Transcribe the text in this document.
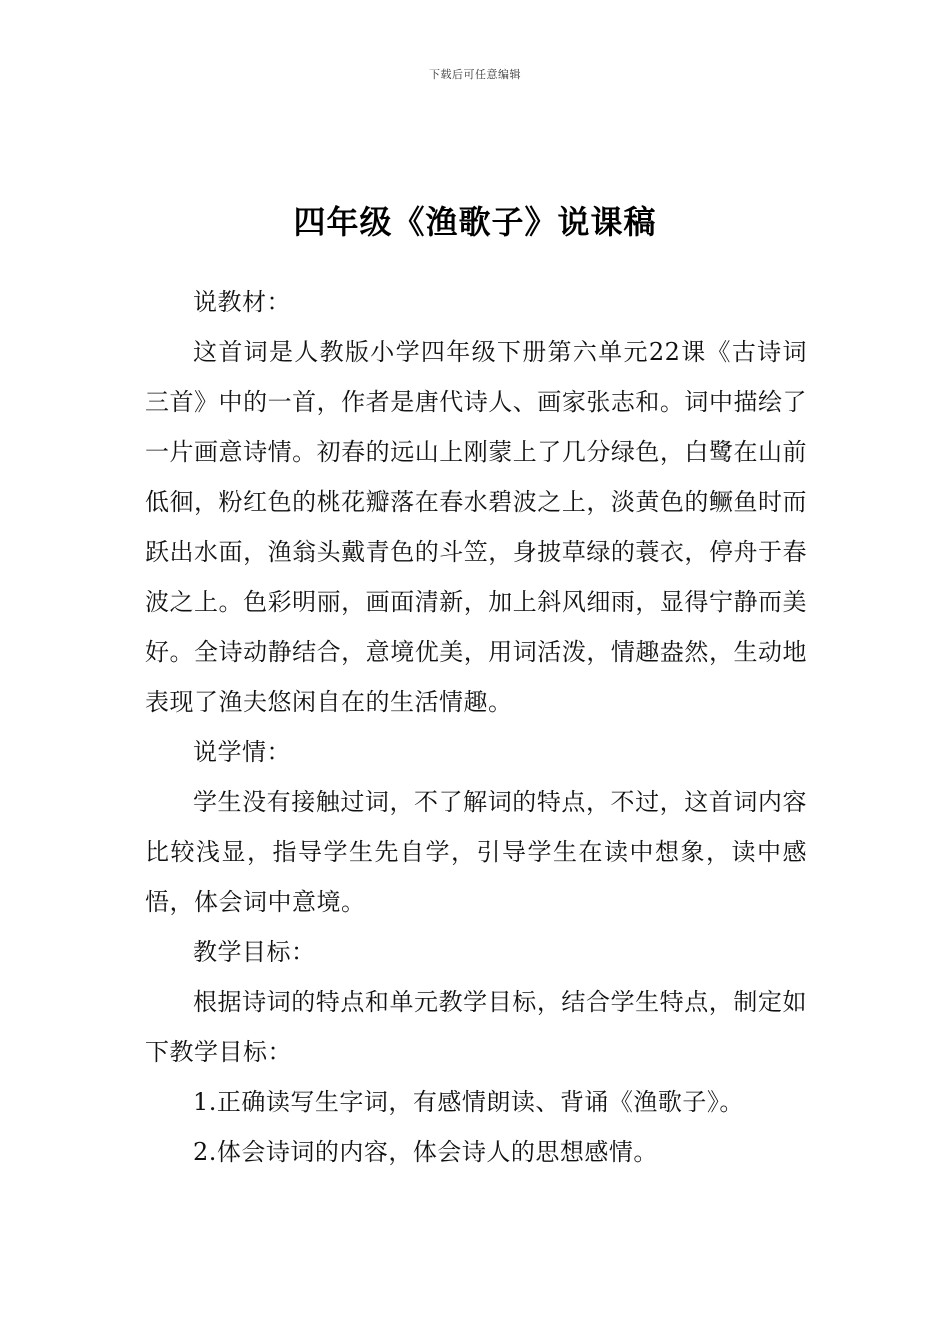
下载后可任意编辑
四年级《渔歌子》说课稿

说教材：

这首词是人教版小学四年级下册第六单元22课《古诗词三首》中的一首，作者是唐代诗人、画家张志和。词中描绘了一片画意诗情。初春的远山上刚蒙上了几分绿色，白鹭在山前低徊，粉红色的桃花瓣落在春水碧波之上，淡黄色的鳜鱼时而跃出水面，渔翁头戴青色的斗笠，身披草绿的蓑衣，停舟于春波之上。色彩明丽，画面清新，加上斜风细雨，显得宁静而美好。全诗动静结合，意境优美，用词活泼，情趣盎然，生动地表现了渔夫悠闲自在的生活情趣。

说学情：

学生没有接触过词，不了解词的特点，不过，这首词内容比较浅显，指导学生先自学，引导学生在读中想象，读中感悟，体会词中意境。

教学目标：

根据诗词的特点和单元教学目标，结合学生特点，制定如下教学目标：

1.正确读写生字词，有感情朗读、背诵《渔歌子》。

2.体会诗词的内容，体会诗人的思想感情。
